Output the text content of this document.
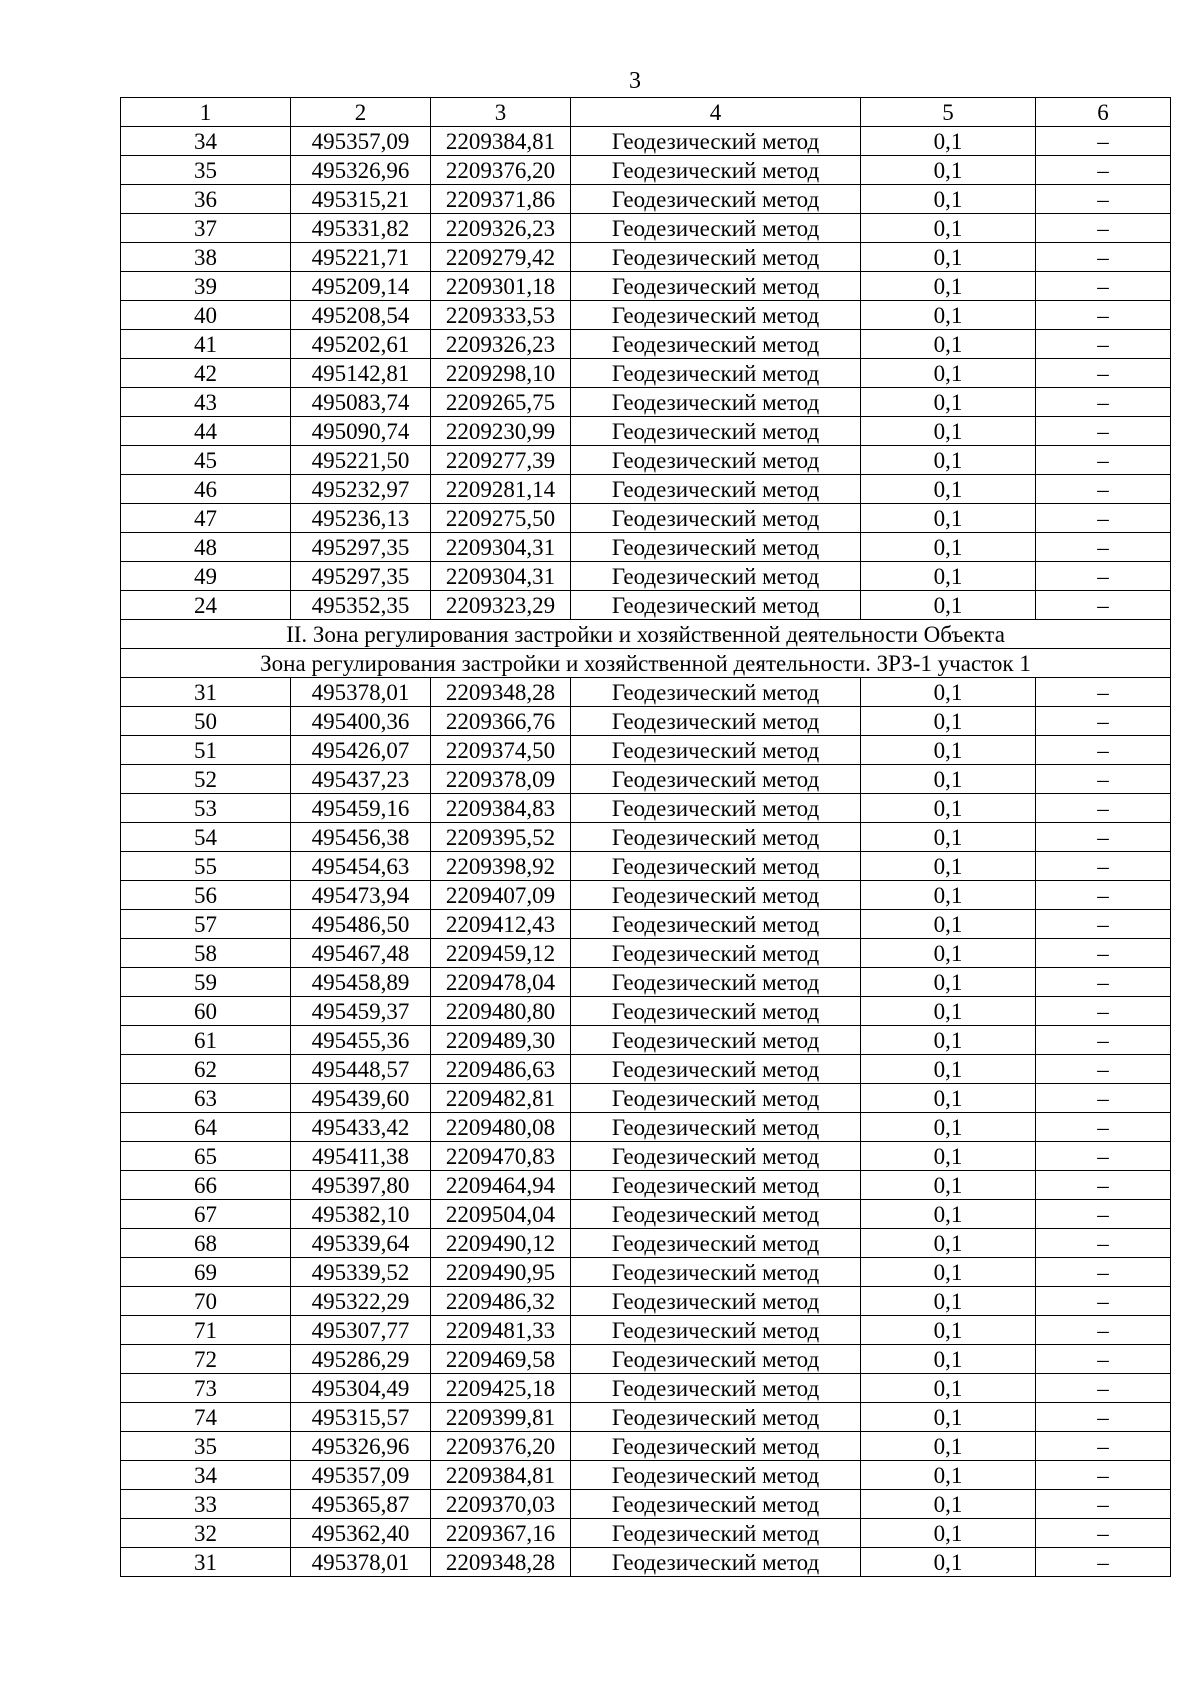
3
1	2	3	4	5	6
34	495357,09	2209384,81	Геодезический метод	0,1	–
35	495326,96	2209376,20	Геодезический метод	0,1	–
36	495315,21	2209371,86	Геодезический метод	0,1	–
37	495331,82	2209326,23	Геодезический метод	0,1	–
38	495221,71	2209279,42	Геодезический метод	0,1	–
39	495209,14	2209301,18	Геодезический метод	0,1	–
40	495208,54	2209333,53	Геодезический метод	0,1	–
41	495202,61	2209326,23	Геодезический метод	0,1	–
42	495142,81	2209298,10	Геодезический метод	0,1	–
43	495083,74	2209265,75	Геодезический метод	0,1	–
44	495090,74	2209230,99	Геодезический метод	0,1	–
45	495221,50	2209277,39	Геодезический метод	0,1	–
46	495232,97	2209281,14	Геодезический метод	0,1	–
47	495236,13	2209275,50	Геодезический метод	0,1	–
48	495297,35	2209304,31	Геодезический метод	0,1	–
49	495297,35	2209304,31	Геодезический метод	0,1	–
24	495352,35	2209323,29	Геодезический метод	0,1	–
II. Зона регулирования застройки и хозяйственной деятельности Объекта					
Зона регулирования застройки и хозяйственной деятельности. ЗРЗ-1 участок 1					
31	495378,01	2209348,28	Геодезический метод	0,1	–
50	495400,36	2209366,76	Геодезический метод	0,1	–
51	495426,07	2209374,50	Геодезический метод	0,1	–
52	495437,23	2209378,09	Геодезический метод	0,1	–
53	495459,16	2209384,83	Геодезический метод	0,1	–
54	495456,38	2209395,52	Геодезический метод	0,1	–
55	495454,63	2209398,92	Геодезический метод	0,1	–
56	495473,94	2209407,09	Геодезический метод	0,1	–
57	495486,50	2209412,43	Геодезический метод	0,1	–
58	495467,48	2209459,12	Геодезический метод	0,1	–
59	495458,89	2209478,04	Геодезический метод	0,1	–
60	495459,37	2209480,80	Геодезический метод	0,1	–
61	495455,36	2209489,30	Геодезический метод	0,1	–
62	495448,57	2209486,63	Геодезический метод	0,1	–
63	495439,60	2209482,81	Геодезический метод	0,1	–
64	495433,42	2209480,08	Геодезический метод	0,1	–
65	495411,38	2209470,83	Геодезический метод	0,1	–
66	495397,80	2209464,94	Геодезический метод	0,1	–
67	495382,10	2209504,04	Геодезический метод	0,1	–
68	495339,64	2209490,12	Геодезический метод	0,1	–
69	495339,52	2209490,95	Геодезический метод	0,1	–
70	495322,29	2209486,32	Геодезический метод	0,1	–
71	495307,77	2209481,33	Геодезический метод	0,1	–
72	495286,29	2209469,58	Геодезический метод	0,1	–
73	495304,49	2209425,18	Геодезический метод	0,1	–
74	495315,57	2209399,81	Геодезический метод	0,1	–
35	495326,96	2209376,20	Геодезический метод	0,1	–
34	495357,09	2209384,81	Геодезический метод	0,1	–
33	495365,87	2209370,03	Геодезический метод	0,1	–
32	495362,40	2209367,16	Геодезический метод	0,1	–
31	495378,01	2209348,28	Геодезический метод	0,1	–
